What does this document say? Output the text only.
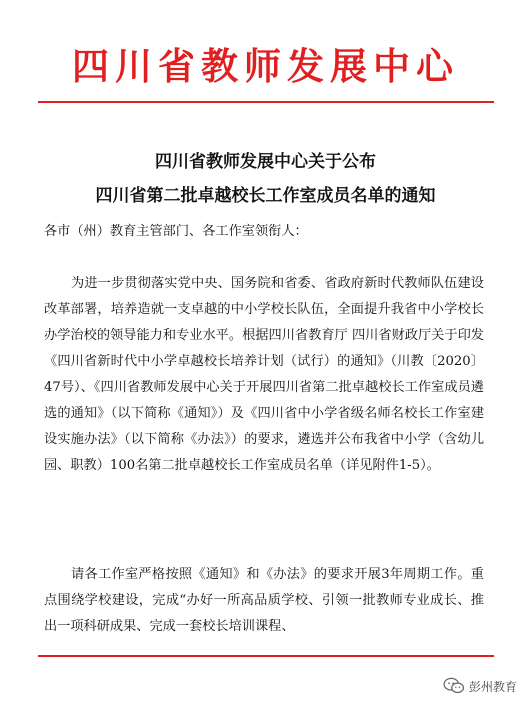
四川省教师发展中心
四川省教师发展中心关于公布
四川省第二批卓越校长工作室成员名单的通知
各市（州）教育主管部门、各工作室领衔人：
为进一步贯彻落实党中央、国务院和省委、省政府新时代教师队伍建设改革部署，培养造就一支卓越的中小学校长队伍，全面提升我省中小学校长办学治校的领导能力和专业水平。根据四川省教育厅 四川省财政厅关于印发《四川省新时代中小学卓越校长培养计划（试行）的通知》（川教〔2020〕47号）、《四川省教师发展中心关于开展四川省第二批卓越校长工作室成员遴选的通知》（以下简称《通知》）及《四川省中小学省级名师名校长工作室建设实施办法》（以下简称《办法》）的要求，遴选并公布我省中小学（含幼儿园、职教）100名第二批卓越校长工作室成员名单（详见附件1-5）。
请各工作室严格按照《通知》和《办法》的要求开展3年周期工作。重点围绕学校建设，完成“办好一所高品质学校、引领一批教师专业成长、推出一项科研成果、完成一套校长培训课程、
彭州教育
